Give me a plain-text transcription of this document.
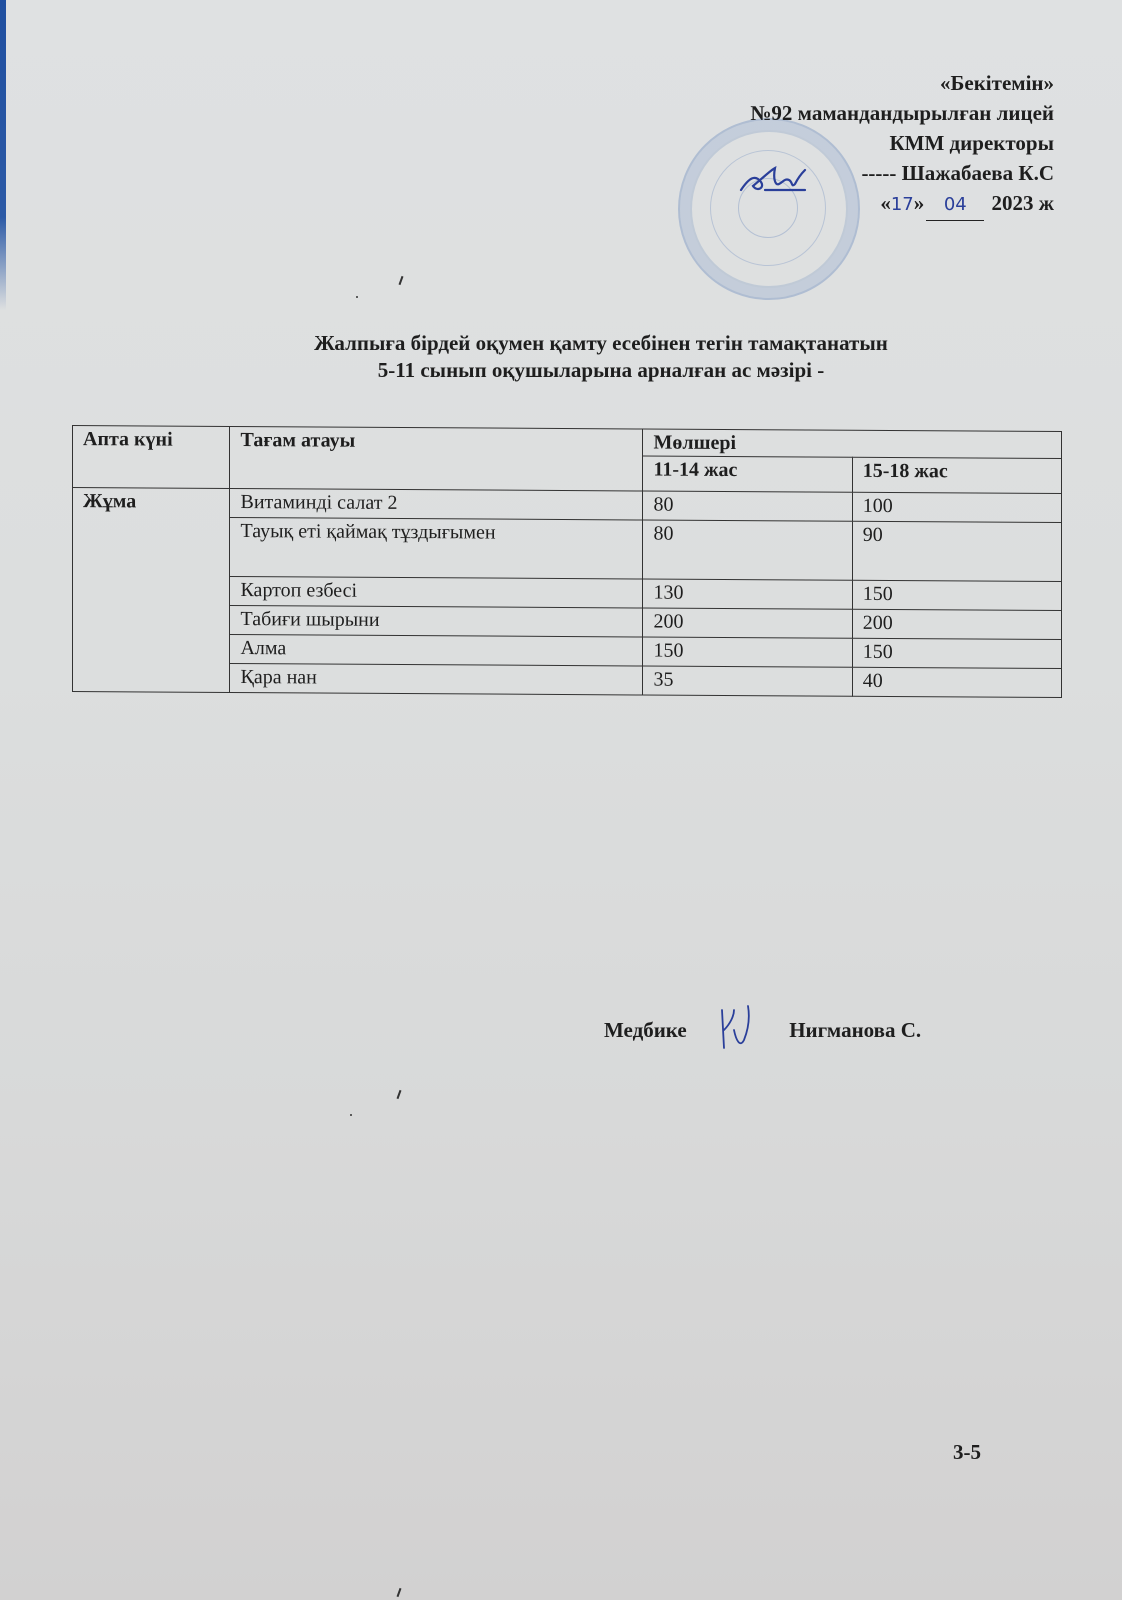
«Бекітемін»
№92 мамандандырылған лицей
КММ директоры
----- Шажабаева К.С
«17» 04 2023 ж
Жалпыға бірдей оқумен қамту есебінен тегін тамақтанатын
5-11 сынып оқушыларына арналған ас мәзірі -
Апта күні	Тағам атауы	Мөлшері	
		11-14 жас	15-18 жас
Жұма	Витаминді салат 2	80	100
	Тауық еті қаймақ тұздығымен	80	90
	Картоп езбесі	130	150
	Табиғи шырыни	200	200
	Алма	150	150
	Қара нан	35	40
Медбике	Нигманова С.
3-5
